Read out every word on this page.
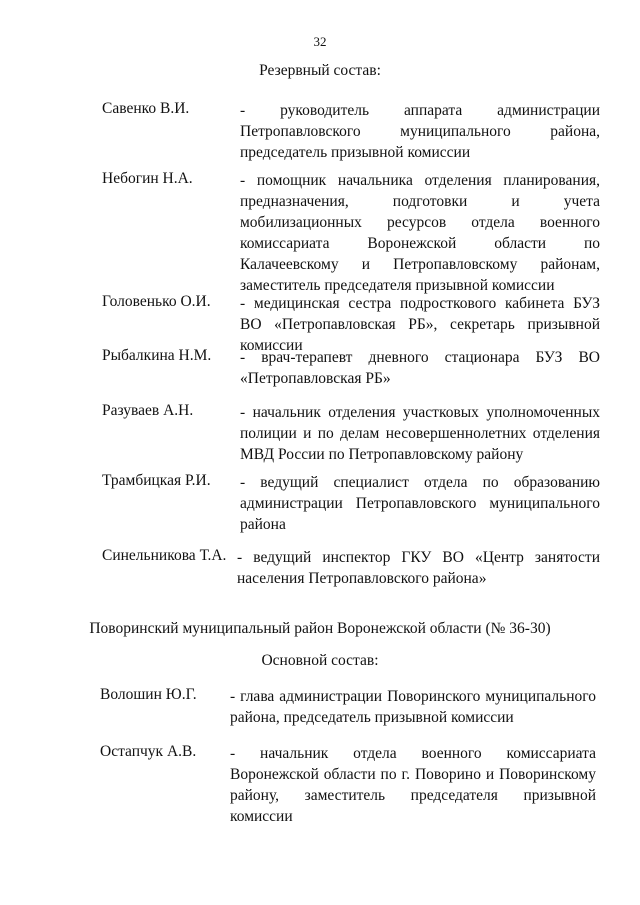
32
Резервный состав:
Савенко В.И.	- руководитель аппарата администрации Петропавловского муниципального района, председатель призывной комиссии
Небогин Н.А.	- помощник начальника отделения планирования, предназначения, подготовки и учета мобилизационных ресурсов отдела военного комиссариата Воронежской области по Калачеевскому и Петропавловскому районам, заместитель председателя призывной комиссии
Головенько О.И. - медицинская сестра подросткового кабинета БУЗ ВО «Петропавловская РБ», секретарь призывной комиссии
Рыбалкина Н.М. - врач-терапевт дневного стационара БУЗ ВО «Петропавловская РБ»
Разуваев А.Н.	- начальник отделения участковых уполномоченных полиции и по делам несовершеннолетних отделения МВД России по Петропавловскому району
Трамбицкая Р.И. - ведущий специалист отдела по образованию администрации Петропавловского муниципального района
Синельникова Т.А. - ведущий инспектор ГКУ ВО «Центр занятости населения Петропавловского района»
Поворинский муниципальный район Воронежской области (№ 36-30)
Основной состав:
Волошин Ю.Г. - глава администрации Поворинского муниципального района, председатель призывной комиссии
Остапчук А.В. - начальник отдела военного комиссариата Воронежской области по г. Поворино и Поворинскому району, заместитель председателя призывной комиссии
